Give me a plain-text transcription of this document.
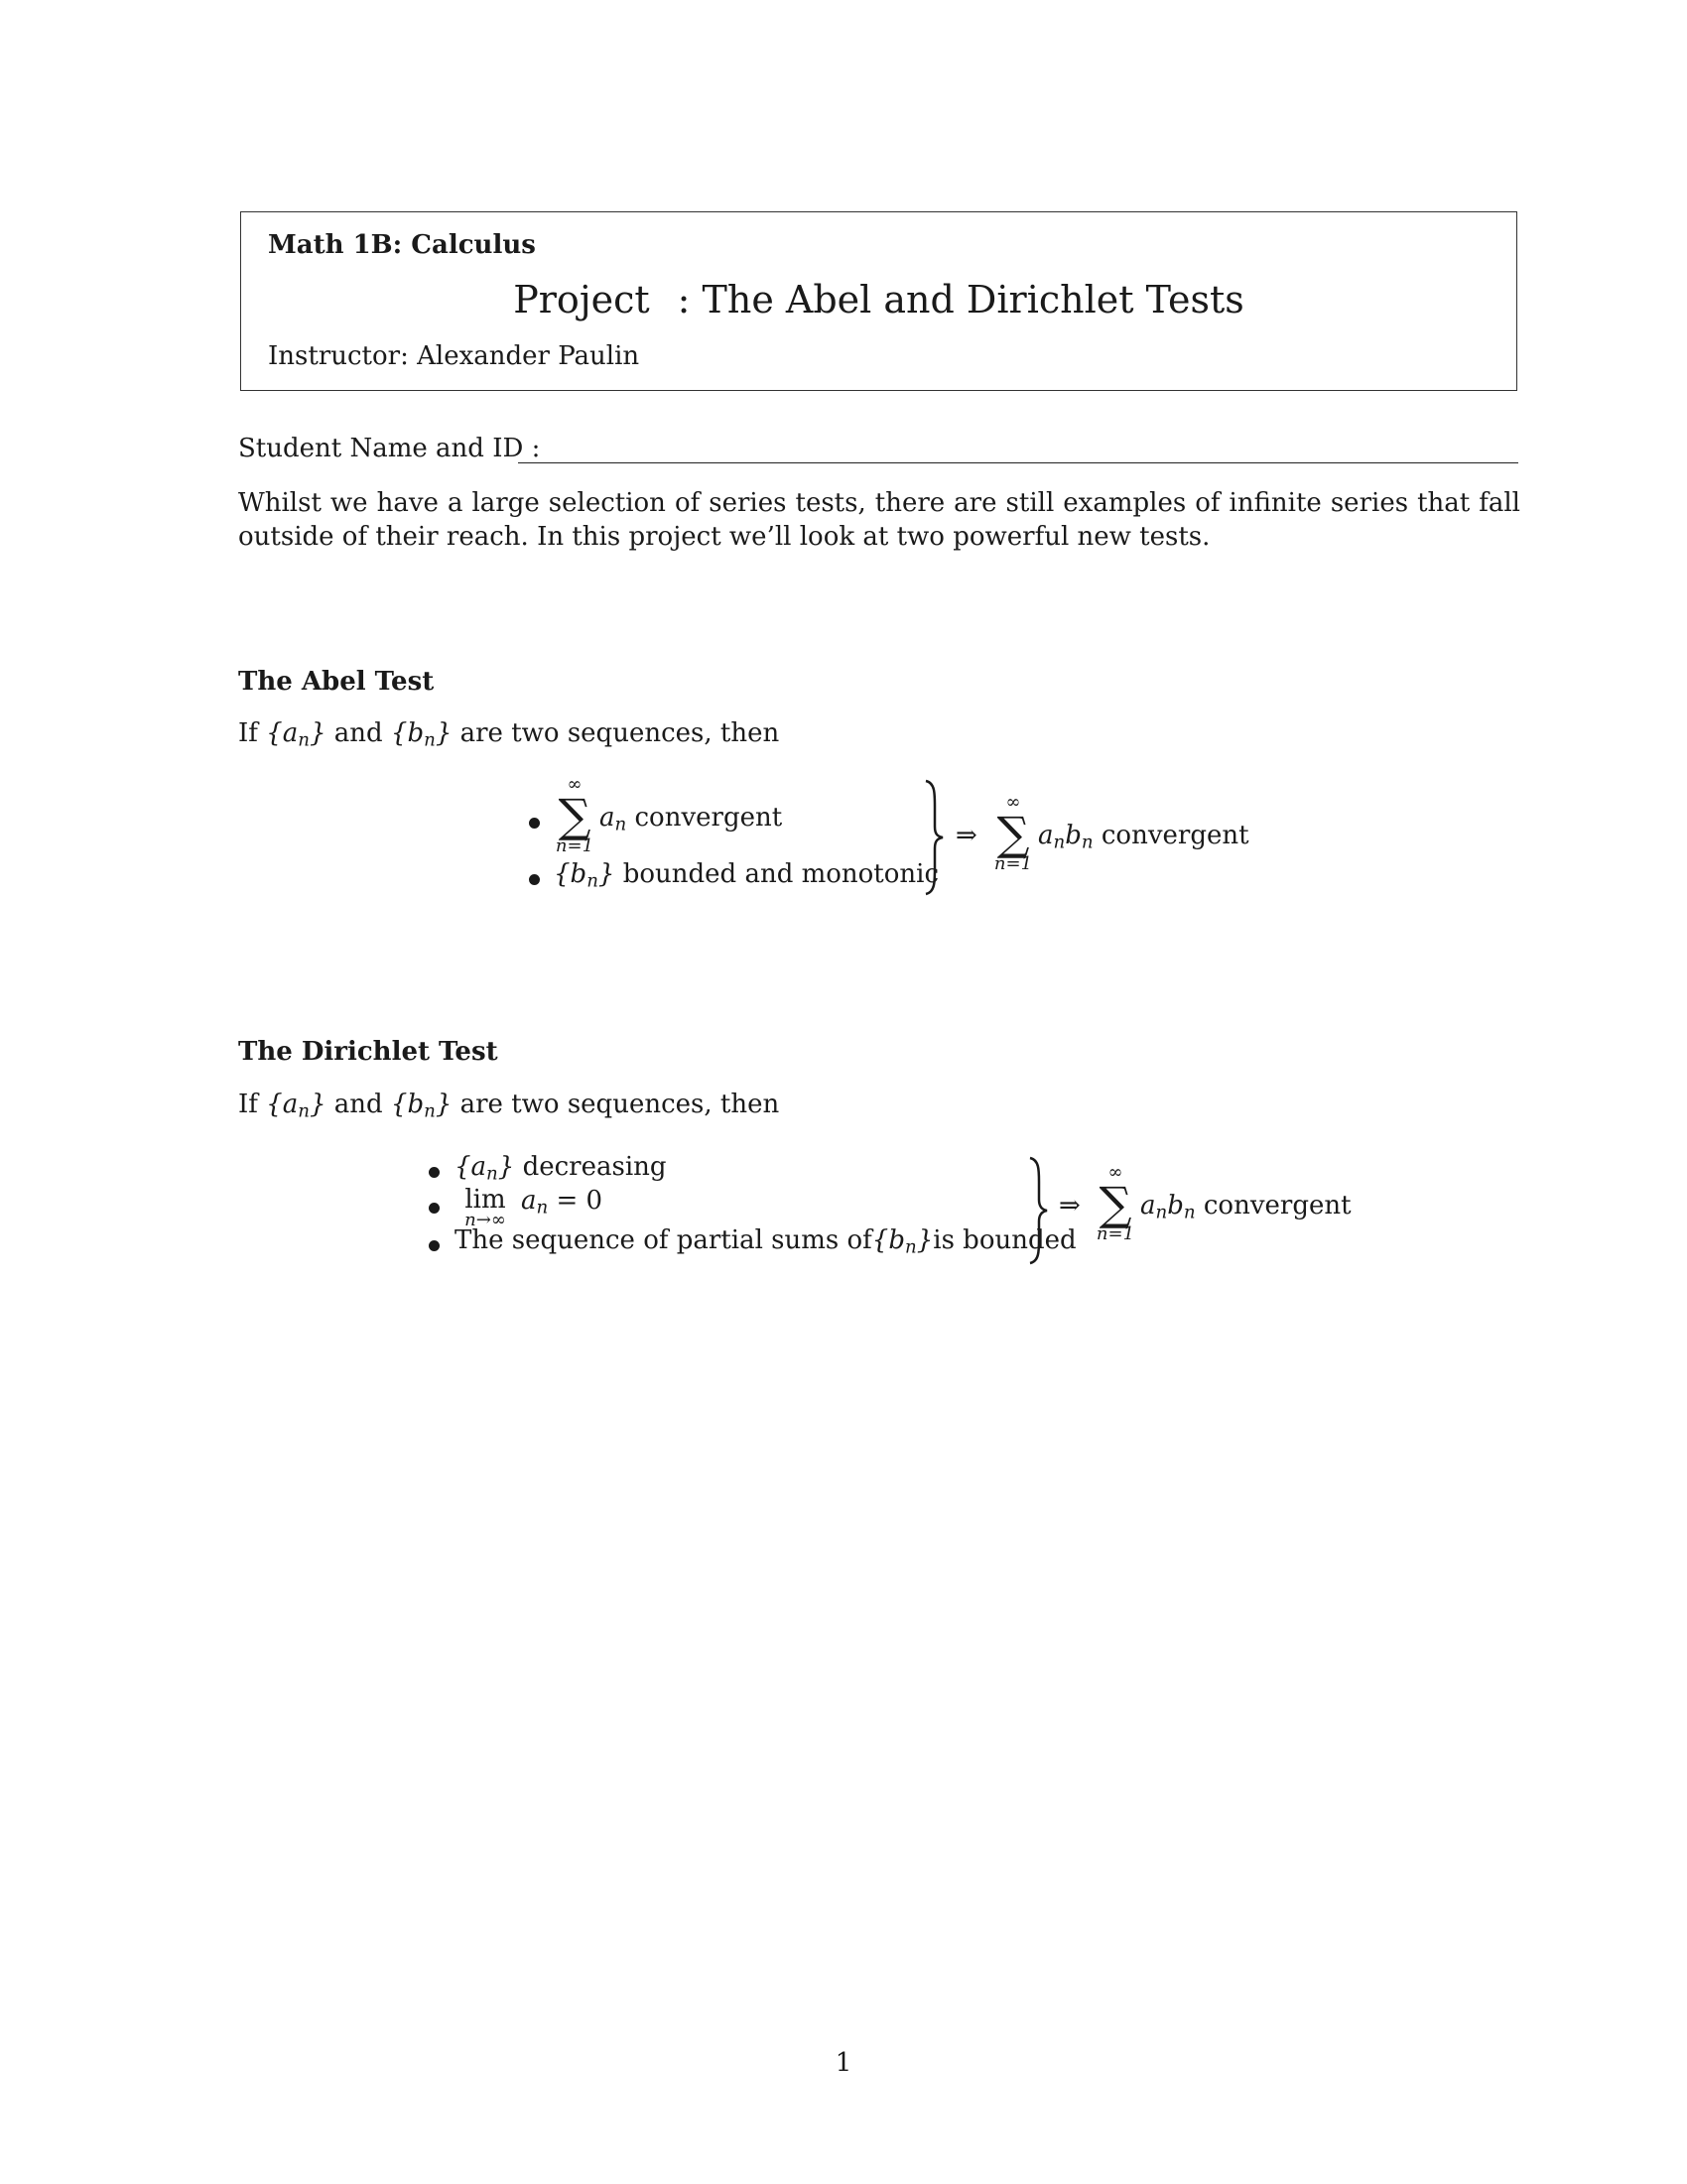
Math 1B: Calculus
Project : The Abel and Dirichlet Tests
Instructor: Alexander Paulin
Student Name and ID :
Whilst we have a large selection of series tests, there are still examples of infinite series that fall outside of their reach. In this project we’ll look at two powerful new tests.
The Abel Test
If $\{a_n\}$ and $\{b_n\}$ are two sequences, then
∞
∑
n=1
$a_n$ convergent
$\{b_n\}$ bounded and monotonic
⇒
∞
∑
n=1
$a_nb_n$ convergent
The Dirichlet Test
If $\{a_n\}$ and $\{b_n\}$ are two sequences, then
$\{a_n\}$ decreasing
lim
n→∞
$a_n = 0$
The sequence of partial sums $of\{b_n\}is$ bounded
⇒
∞
∑
n=1
$a_nb_n$ convergent
1
